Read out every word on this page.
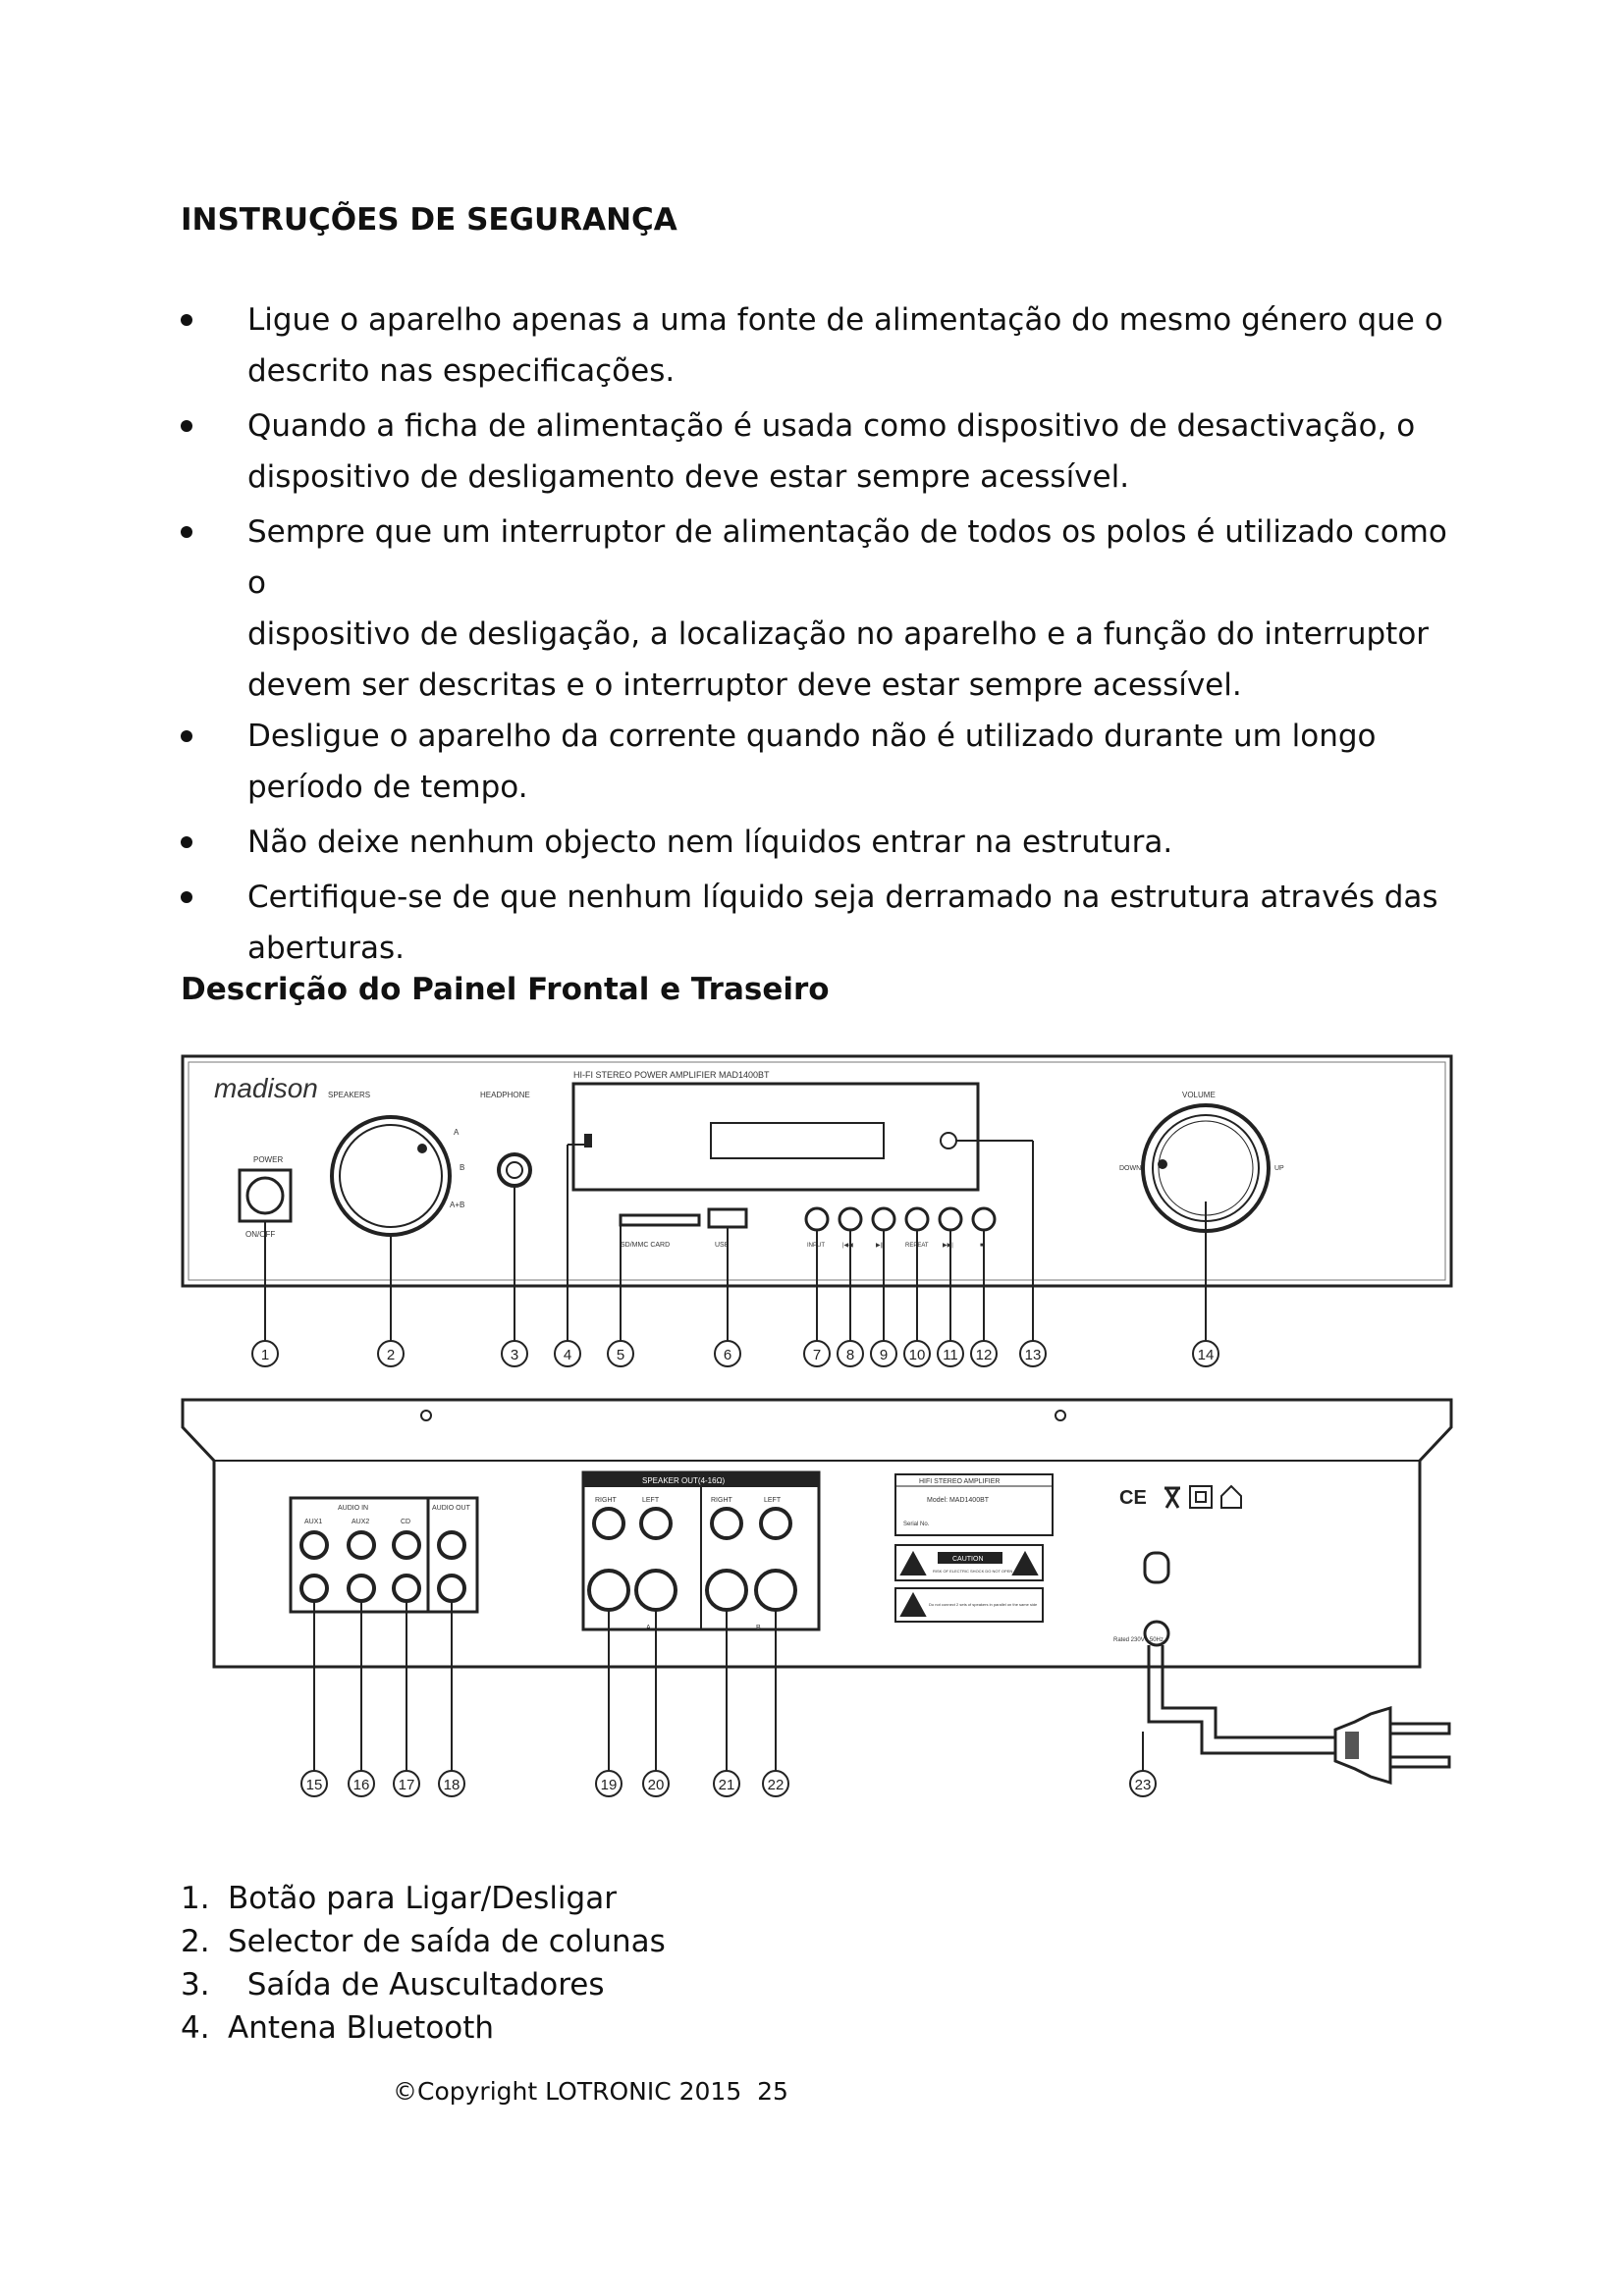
INSTRUÇÕES DE SEGURANÇA
Ligue o aparelho apenas a uma fonte de alimentação do mesmo género que o
descrito nas especificações.
Quando a ficha de alimentação é usada como dispositivo de desactivação, o
dispositivo de desligamento deve estar sempre acessível.
Sempre que um interruptor de alimentação de todos os polos é utilizado como o
dispositivo de desligação, a localização no aparelho e a função do interruptor
devem ser descritas e o interruptor deve estar sempre acessível.
Desligue o aparelho da corrente quando não é utilizado durante um longo
período de tempo.
Não deixe nenhum objecto nem líquidos entrar na estrutura.
Certifique-se de que nenhum líquido seja derramado na estrutura através das
aberturas.
Descrição do Painel Frontal e Traseiro
madison	HI-FI STEREO POWER AMPLIFIER MAD1400BT
POWER
ON/OFF
SPEAKERS
A
B
A+B
HEADPHONE
SD/MMC CARD	USB	INPUT	|◀◀	▶||	REPEAT ▶▶|	■
VOLUME
DOWN	UP
1	2	3	4	5	6	7 8 9 10 11 12 13	14
AUDIO IN	AUDIO OUT
AUX1	AUX2	CD
SPEAKER OUT(4-16Ω)
RIGHT	LEFT	RIGHT	LEFT
A	B
HIFI STEREO AMPLIFIER
Model: MAD1400BT
Serial No.
CAUTION
RISK OF ELECTRIC SHOCK DO NOT OPEN
Do not connect 2 sets of speakers in parallel on the same side
CE
Rated 230V~ 50Hz
15 16 17 18	19 20	21 22	23
1. Botão para Ligar/Desligar
2. Selector de saída de colunas
3.  Saída de Auscultadores
4. Antena Bluetooth
©Copyright LOTRONIC 2015 25
